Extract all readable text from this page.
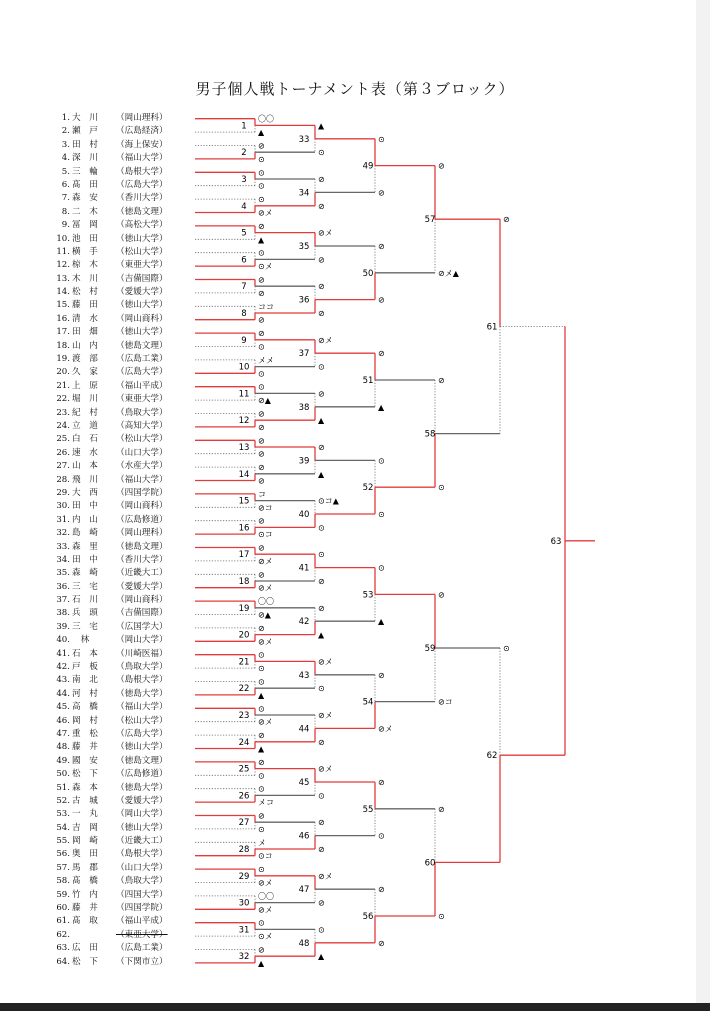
男子個人戦トーナメント表（第３ブロック）
1. 大　川	（岡山理科）
2. 瀬　戸	（広島経済）
3. 田　村	（海上保安）
4. 深　川	（福山大学）
5. 三　輪	（島根大学）
6. 髙　田	（広島大学）
7. 森　安	（香川大学）
8. 二　木	（徳島文理）
9. 冨　岡	（高松大学）
10. 池　田	（徳山大学）
11. 横　手	（松山大学）
12. 椋　木	（東亜大学）
13. 木　川	（吉備国際）
14. 松　村	（愛媛大学）
15. 藤　田	（徳山大学）
16. 清　水	（岡山商科）
17. 田　畑	（徳山大学）
18. 山　内	（徳島文理）
19. 渡　部	（広島工業）
20. 久　家	（広島大学）
21. 上　原	（福山平成）
22. 堀　川	（東亜大学）
23. 紀　村	（鳥取大学）
24. 立　道	（高知大学）
25. 白　石	（松山大学）
26. 速　水	（山口大学）
27. 山　本	（水産大学）
28. 飛　川	（福山大学）
29. 大　西	（四国学院）
30. 田　中	（岡山商科）
31. 内　山	（広島修道）
32. 島　崎	（岡山理科）
33. 森　里	（徳島文理）
34. 田　中	（香川大学）
35. 森　崎	（近畿大工）
36. 三　宅	（愛媛大学）
37. 石　川	（岡山商科）
38. 兵　頭	（吉備国際）
39. 三　宅	（広国学大）
40. 　林　	（岡山大学）
41. 石　本	（川崎医福）
42. 戸　板	（鳥取大学）
43. 南　北	（島根大学）
44. 河　村	（徳島大学）
45. 高　橋	（福山大学）
46. 岡　村	（松山大学）
47. 重　松	（広島大学）
48. 藤　井	（徳山大学）
49. 國　安	（徳島文理）
50. 松　下	（広島修道）
51. 森　本	（徳島大学）
52. 古　城	（愛媛大学）
53. 一　丸	（岡山大学）
54. 吉　岡	（徳山大学）
55. 岡　崎	（近畿大工）
56. 奥　田	（島根大学）
57. 馬　郡	（山口大学）
58. 髙　橋	（鳥取大学）
59. 竹　内	（四国大学）
60. 藤　井	（四国学院）
61. 髙　取	（福山平成）
62.	（東亜大学）
63. 広　田	（広島工業）
64. 松　下	（下関市立）
1
2
3
4
5
6
7
8
9
10
11
12
13
14
15
16
17
18
19
20
21
22
23
24
25
26
27
28
29
30
31
32
〇〇
▲
⊘
⊙
⊙
⊙
⊙
⊘メ
⊘
▲
⊙
⊙メ
⊘
⊘
ココ
⊘
⊘
⊙
メメ
⊙
⊙
⊘▲
⊘
⊘
⊘
⊘
⊘
⊘
コ
⊘コ
⊘
⊙コ
⊘
⊘メ
⊘
⊘メ
〇〇
⊘▲
⊘
⊘メ
⊙
⊙
⊙
▲
⊙
⊘メ
⊘
▲
⊘
⊙
⊙
メコ
⊘
⊙
メ
⊙コ
⊙
⊘メ
〇〇
⊘メ
⊙
⊙メ
⊘
▲
33
34
35
36
37
38
39
40
41
42
43
44
45
46
47
48
▲
⊙
⊘
⊘
⊘メ
⊘
⊘
⊘
⊘メ
⊙
⊘
▲
⊘
▲
⊙コ▲
⊙
⊙
⊘
⊘
▲
⊘メ
⊙
⊘メ
⊘
⊘メ
⊙
⊘
⊘
⊘メ
⊘
⊙
▲
49
50
51
52
53
54
55
56
⊙
⊘
⊘
⊘
⊘
▲
⊙
⊙
⊙
▲
⊘
⊘メ
⊘
⊙
⊘
⊘
57
58
59
60
⊘
⊘メ▲
⊘
⊙
⊘
⊘コ
⊘
⊙
61
62
⊘
⊙
63
